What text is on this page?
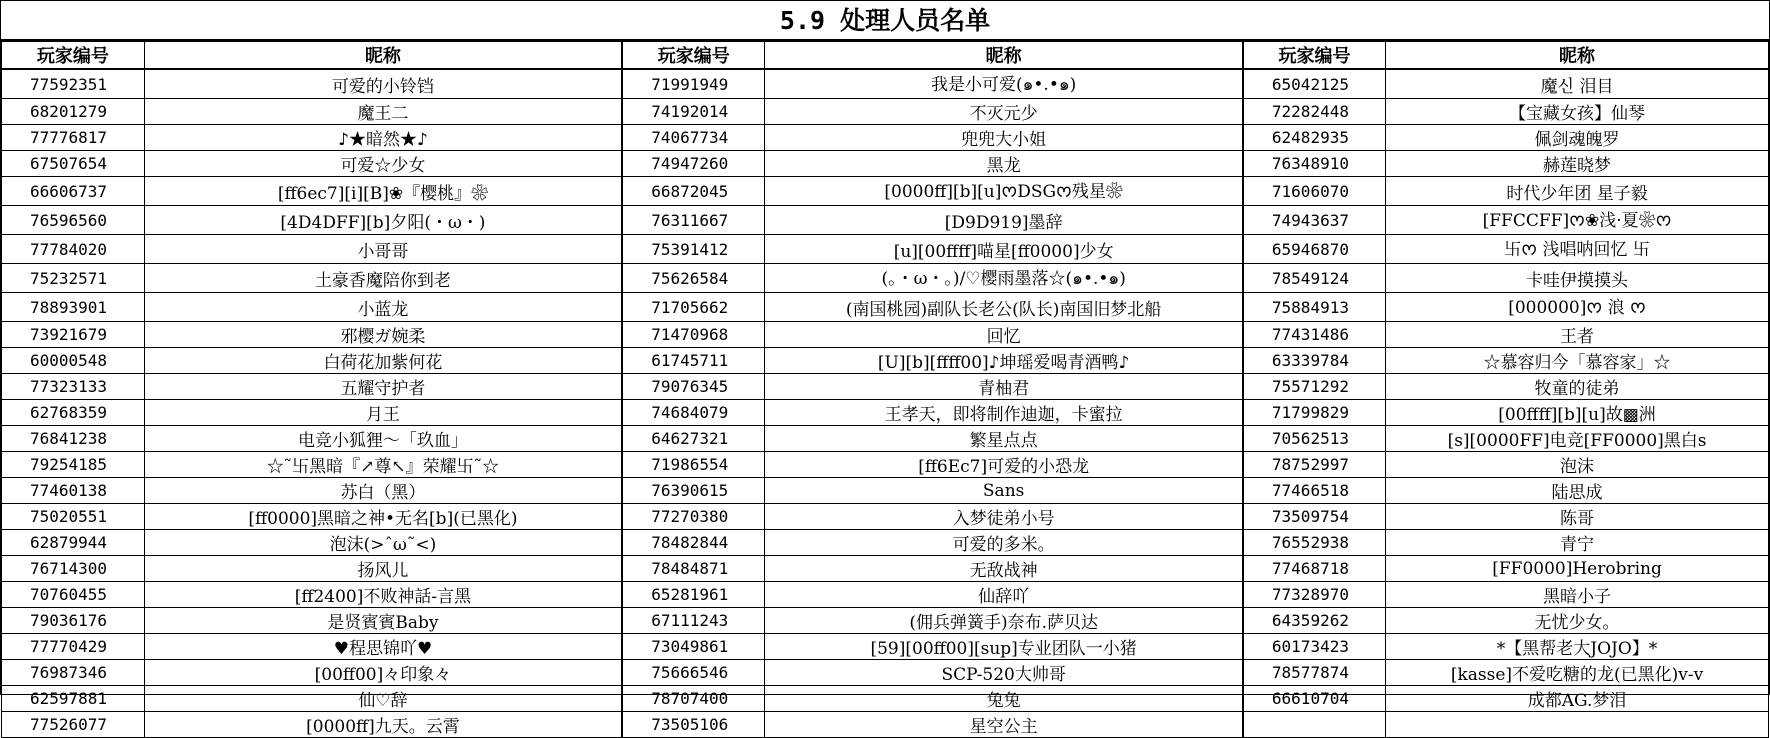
5.9 处理人员名单
玩家编号	昵称	玩家编号	昵称	玩家编号	昵称
77592351	可爱的小铃铛	71991949	我是小可爱(๑•.•๑)	65042125	魔신 泪目
68201279	魔王二	74192014	不灭元少	72282448	【宝藏女孩】仙琴
77776817	♪★暗然★♪	74067734	兜兜大小姐	62482935	佩剑魂魄罗
67507654	可爱☆少女	74947260	黑龙	76348910	赫莲晓梦
66606737	[ff6ec7][i][B]❀『樱桃』❀	66872045	[0000ff][b][u]ᰔDSGᰔ残星❀	71606070	时代少年团 星子毅
76596560	[4D4DFF][b]夕阳(・ω・)	76311667	[D9D919]墨辞	74943637	[FFCCFF]ᰔ❀浅·夏❀ᰔ
77784020	小哥哥	75391412	[u][00ffff]喵星[ff0000]少女	65946870	卐ᰔ 浅唱呐回忆 卐
75232571	土豪香魔陪你到老	75626584	(。・ω・。)/♡樱雨墨落☆(๑•.•๑)	78549124	卡哇伊摸摸头
78893901	小蓝龙	71705662	(南国桃园)副队长老公(队长)南国旧梦北船	75884913	[000000]ᰔ 浪 ᰔ
73921679	邪樱ガ婉柔	71470968	回忆	77431486	王者
60000548	白荷花加紫何花	61745711	[U][b][ffff00]♪坤瑶爱喝青酒鸭♪	63339784	☆慕容归今「慕容家」☆
77323133	五耀守护者	79076345	青柚君	75571292	牧童的徒弟
62768359	月王	74684079	王孝天，即将制作迪迦，卡蜜拉	71799829	[00ffff][b][u]故▩洲
76841238	电竞小狐狸～「玖血」	64627321	繁星点点	70562513	[s][0000FF]电竞[FF0000]黑白s
79254185	☆˜卐黑暗『↗尊↖』荣耀卐˜☆	71986554	[ff6Ec7]可爱的小恐龙	78752997	泡沫
77460138	苏白（黑）	76390615	Sans	77466518	陆思成
75020551	[ff0000]黑暗之神•无名[b](已黑化)	77270380	入梦徒弟小号	73509754	陈哥
62879944	泡沫(>ˆω˜<)	78482844	可爱的多米。	76552938	青宁
76714300	扬风儿	78484871	无敌战神	77468718	[FF0000]Herobring
70760455	[ff2400]不败神話-言黑	65281961	仙辞吖	77328970	黑暗小子
79036176	是贤賓賓Baby	67111243	(佣兵弹簧手)奈布.萨贝达	64359262	无忧少女。
77770429	♥程思锦吖♥	73049861	[59][00ff00][sup]专业团队一小猪	60173423	*【黑帮老大JOJO】*
76987346	[00ff00]々印象々	75666546	SCP-520大帅哥	78577874	[kasse]不爱吃糖的龙(已黑化)v-v
62597881	仙♡辞	78707400	兔兔	66610704	成都AG.梦泪
77526077	[0000ff]九天。云霄	73505106	星空公主		
